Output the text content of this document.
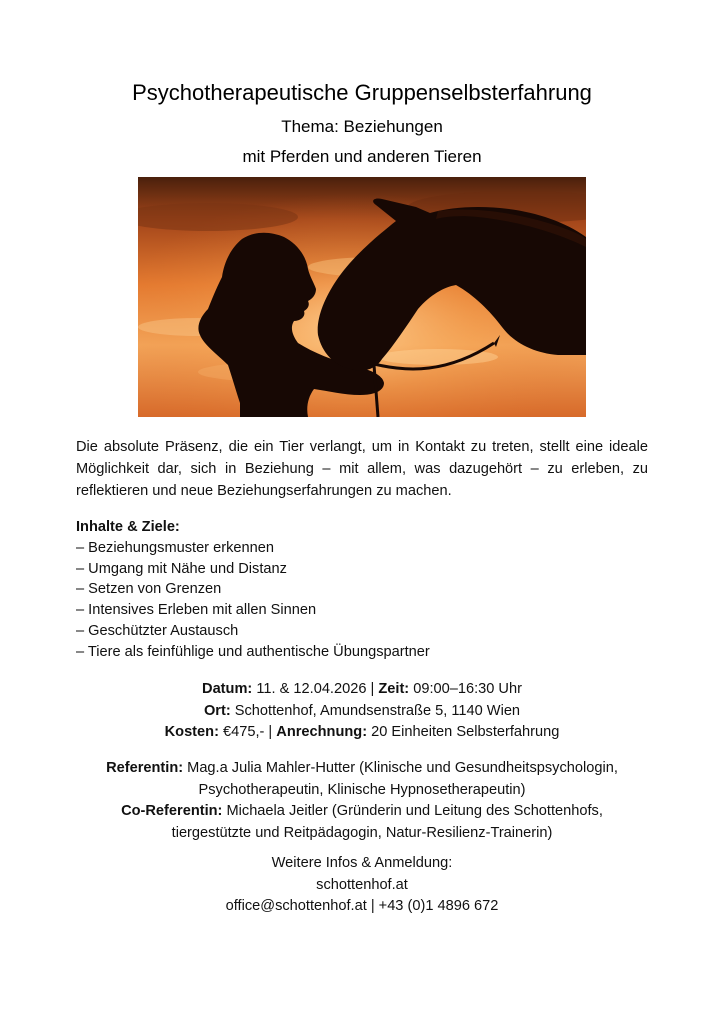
Psychotherapeutische Gruppenselbsterfahrung
Thema: Beziehungen
mit Pferden und anderen Tieren
Die absolute Präsenz, die ein Tier verlangt, um in Kontakt zu treten, stellt eine ideale Möglichkeit dar, sich in Beziehung – mit allem, was dazugehört – zu erleben, zu reflektieren und neue Beziehungserfahrungen zu machen.
Inhalte & Ziele:
– Beziehungsmuster erkennen
– Umgang mit Nähe und Distanz
– Setzen von Grenzen
– Intensives Erleben mit allen Sinnen
– Geschützter Austausch
– Tiere als feinfühlige und authentische Übungspartner
Datum: 11. & 12.04.2026 | Zeit: 09:00–16:30 Uhr
Ort: Schottenhof, Amundsenstraße 5, 1140 Wien
Kosten: €475,- | Anrechnung: 20 Einheiten Selbsterfahrung
Referentin: Mag.a Julia Mahler-Hutter (Klinische und Gesundheitspsychologin,
Psychotherapeutin, Klinische Hypnosetherapeutin)
Co-Referentin: Michaela Jeitler (Gründerin und Leitung des Schottenhofs,
tiergestützte und Reitpädagogin, Natur-Resilienz-Trainerin)
Weitere Infos & Anmeldung:
schottenhof.at
office@schottenhof.at | +43 (0)1 4896 672
